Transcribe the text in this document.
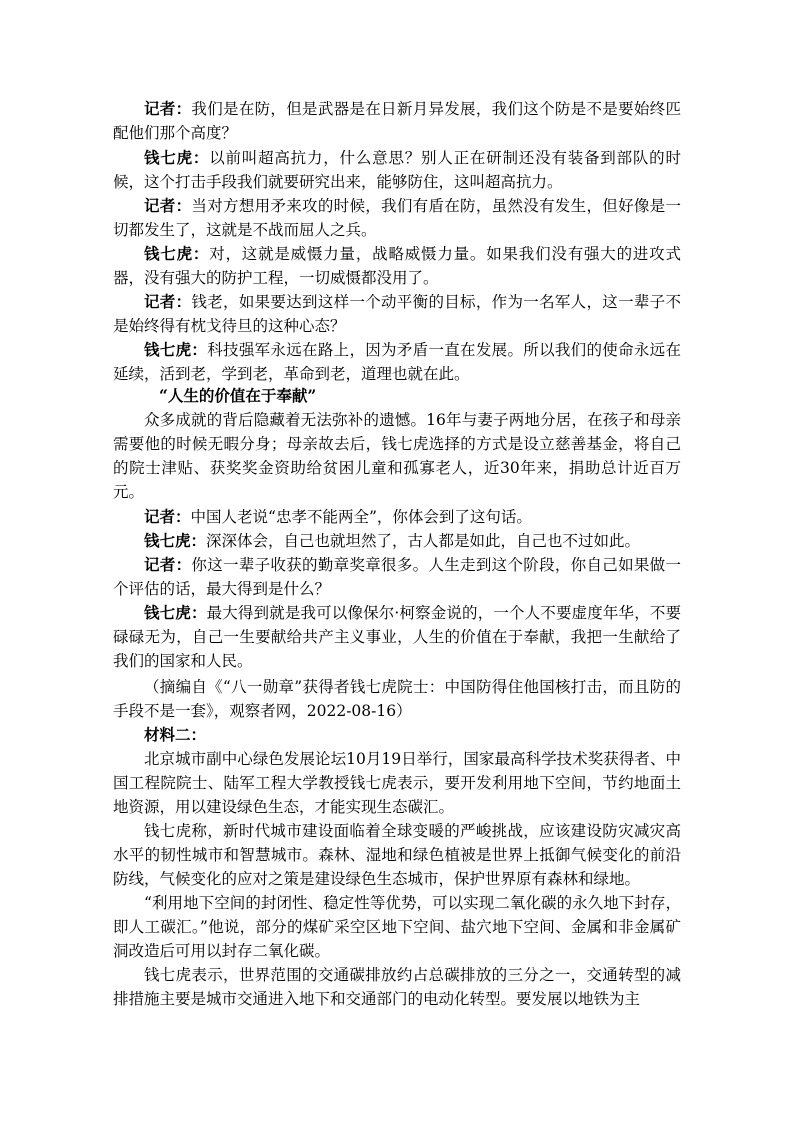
记者：我们是在防，但是武器是在日新月异发展，我们这个防是不是要始终匹配他们那个高度？

钱七虎：以前叫超高抗力，什么意思？别人正在研制还没有装备到部队的时候，这个打击手段我们就要研究出来，能够防住，这叫超高抗力。

记者：当对方想用矛来攻的时候，我们有盾在防，虽然没有发生，但好像是一切都发生了，这就是不战而屈人之兵。

钱七虎：对，这就是威慑力量，战略威慑力量。如果我们没有强大的进攻式器，没有强大的防护工程，一切威慑都没用了。

记者：钱老，如果要达到这样一个动平衡的目标，作为一名军人，这一辈子不是始终得有枕戈待旦的这种心态？

钱七虎：科技强军永远在路上，因为矛盾一直在发展。所以我们的使命永远在延续，活到老，学到老，革命到老，道理也就在此。

“人生的价值在于奉献”

众多成就的背后隐藏着无法弥补的遗憾。16年与妻子两地分居，在孩子和母亲需要他的时候无暇分身；母亲故去后，钱七虎选择的方式是设立慈善基金，将自己的院士津贴、获奖奖金资助给贫困儿童和孤寡老人，近30年来，捐助总计近百万元。

记者：中国人老说“忠孝不能两全”，你体会到了这句话。

钱七虎：深深体会，自己也就坦然了，古人都是如此，自己也不过如此。

记者：你这一辈子收获的勤章奖章很多。人生走到这个阶段，你自己如果做一个评估的话，最大得到是什么？

钱七虎：最大得到就是我可以像保尔·柯察金说的，一个人不要虚度年华，不要碌碌无为，自己一生要献给共产主义事业，人生的价值在于奉献，我把一生献给了我们的国家和人民。

（摘编自《“八一勋章”获得者钱七虎院士：中国防得住他国核打击，而且防的手段不是一套》，观察者网，2022-08-16）

材料二：

北京城市副中心绿色发展论坛10月19日举行，国家最高科学技术奖获得者、中国工程院院士、陆军工程大学教授钱七虎表示，要开发利用地下空间，节约地面土地资源，用以建设绿色生态，才能实现生态碳汇。

钱七虎称，新时代城市建设面临着全球变暖的严峻挑战，应该建设防灾减灾高水平的韧性城市和智慧城市。森林、湿地和绿色植被是世界上抵御气候变化的前沿防线，气候变化的应对之策是建设绿色生态城市，保护世界原有森林和绿地。

“利用地下空间的封闭性、稳定性等优势，可以实现二氧化碳的永久地下封存，即人工碳汇。”他说，部分的煤矿采空区地下空间、盐穴地下空间、金属和非金属矿洞改造后可用以封存二氧化碳。

钱七虎表示，世界范围的交通碳排放约占总碳排放的三分之一，交通转型的减排措施主要是城市交通进入地下和交通部门的电动化转型。要发展以地铁为主
